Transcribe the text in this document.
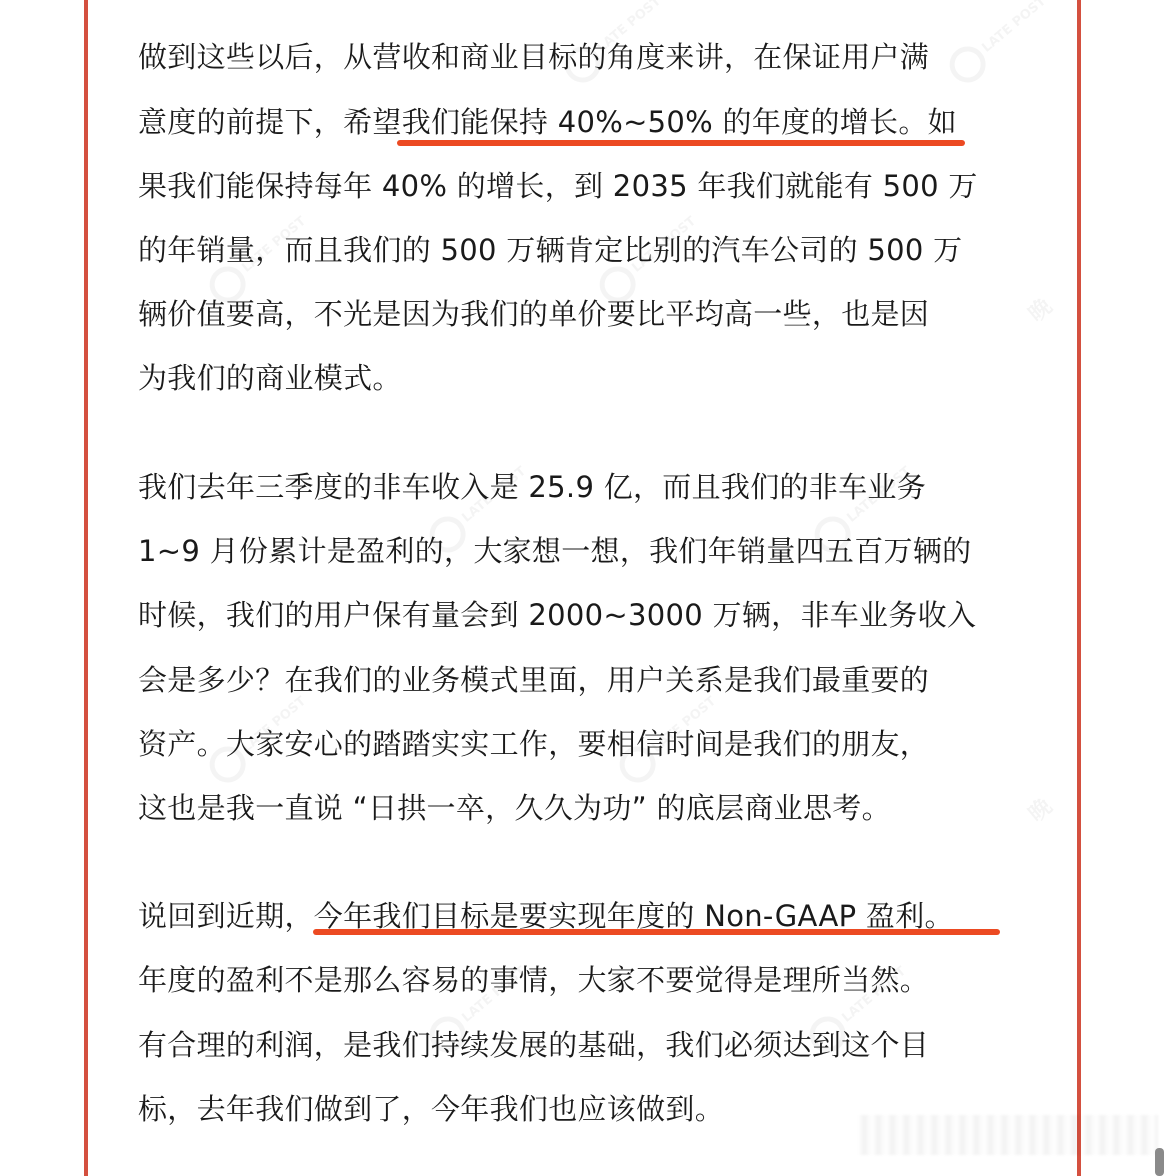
做到这些以后，从营收和商业目标的角度来讲，在保证用户满
意度的前提下，希望我们能保持 40%~50% 的年度的增长。如
果我们能保持每年 40% 的增长，到 2035 年我们就能有 500 万
的年销量，而且我们的 500 万辆肯定比别的汽车公司的 500 万
辆价值要高，不光是因为我们的单价要比平均高一些，也是因
为我们的商业模式。
我们去年三季度的非车收入是 25.9 亿，而且我们的非车业务
1~9 月份累计是盈利的，大家想一想，我们年销量四五百万辆的
时候，我们的用户保有量会到 2000~3000 万辆，非车业务收入
会是多少？在我们的业务模式里面，用户关系是我们最重要的
资产。大家安心的踏踏实实工作，要相信时间是我们的朋友，
这也是我一直说 “日拱一卒，久久为功” 的底层商业思考。
说回到近期，今年我们目标是要实现年度的 Non-GAAP 盈利。
年度的盈利不是那么容易的事情，大家不要觉得是理所当然。
有合理的利润，是我们持续发展的基础，我们必须达到这个目
标，去年我们做到了，今年我们也应该做到。
